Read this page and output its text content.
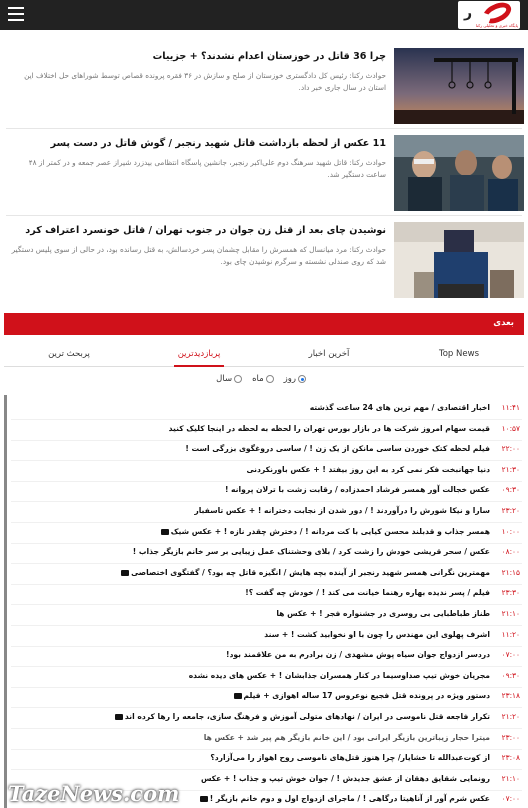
ر
پایگاه خبری و تحلیلی رکنا
چرا 36 قاتل در خوزستان اعدام نشدند؟ + جزییات
حوادث رکنا: رئیس کل دادگستری خوزستان از صلح و سازش در ۳۶ فقره پرونده قصاص توسط شوراهای حل اختلاف این استان در سال جاری خبر داد.
11 عکس از لحظه بازداشت قاتل شهید رنجبر / گوش قاتل در دست پسر
حوادث رکنا: قاتل شهید سرهنگ دوم علی‌اکبر رنجبر، جانشین پاسگاه انتظامی بیدزرد شیراز عصر جمعه و در کمتر از ۴۸ ساعت دستگیر شد.
نوشیدن چای بعد از قتل زن جوان در جنوب تهران / قاتل خونسرد اعتراف کرد
حوادث رکنا: مرد میانسال که همسرش را مقابل چشمان پسر خردسالش، به قتل رسانده بود، در حالی از سوی پلیس دستگیر شد که روی صندلی نشسته و سرگرم نوشیدن چای بود.
بعدی
Top News
آخرین اخبار
پربازدیدترین
پربحث ترین
روز
ماه
سال
۱۱:۴۱
اخبار اقتصادی / مهم ترین های 24 ساعت گذشته
۱۰:۵۷
قیمت سهام امروز شرکت ها در بازار بورس تهران را لحظه به لحظه در اینجا کلیک کنید
۲۲:۰۰
فیلم لحظه کتک خوردن ساسی مانکن از یک زن ! / ساسی دروغگوی بزرگی است !
۲۱:۳۰
دنیا جهانبخت فکر نمی کرد به این روز بیفتد ! + عکس باورنکردنی
۰۹:۳۰
عکس خجالت آور همسر فرشاد احمدزاده / رقابت زشت با ترلان پروانه !
۲۳:۲۰
سارا و نیکا شورش را درآوردند ! / دور شدن از نجابت دخترانه ! + عکس تاسفبار
۱۰:۰۰
همسر جذاب و قدبلند محسن کیایی با کت مردانه ! / دخترش چقدر نازه ! + عکس شیک
۰۸:۰۰
عکس / سحر قریشی خودش را زشت کرد / بلای وحشتناک عمل زیبایی بر سر خانم بازیگر جذاب !
۲۱:۱۵
مهمترین نگرانی همسر شهید رنجبر از آینده بچه هایش / انگیزه قاتل چه بود؟ / گفتگوی اختصاصی
۲۳:۳۰
فیلم / پسر ندیده بهاره رهنما خیانت می کند ! / خودش چه گفت ؟!
۲۱:۱۰
طناز طباطبایی بی روسری در جشنواره فجر ! + عکس ها
۱۱:۲۰
اشرف پهلوی این مهندس را چون با او نخوابید کشت ! + سند
۰۷:۰۰
دردسر ازدواج جوان سیاه پوش مشهدی / زن برادرم به من علاقمند بود!
۰۹:۳۰
مجریان خوش تیپ صداوسیما در کنار همسران جذابشان ! + عکس های دیده نشده
۲۳:۱۸
دستور ویژه در پرونده قتل فجیع نوعروس 17 ساله اهوازی + فیلم
۲۱:۲۰
تکرار فاجعه قتل ناموسی در ایران / نهادهای متولی آموزش و فرهنگ سازی، جامعه را رها کرده اند
۲۳:۰۰
میترا حجار زیباترین بازیگر ایرانی بود / این خانم بازیگر هم پیر شد + عکس ها
۲۳:۰۸
از کوت‌عبدالله تا خشایار/ چرا هنوز قتل‌های ناموسی روح اهواز را می‌آزارد؟
۲۱:۱۰
رونمایی شقایق دهقان از عشق جدیدش ! / جوان خوش تیپ و جذاب ! + عکس
۰۷:۰۰
عکس شرم آور از آناهیتا درگاهی ! / ماجرای ازدواج اول و دوم خانم بازیگر !
TazeNews.com
